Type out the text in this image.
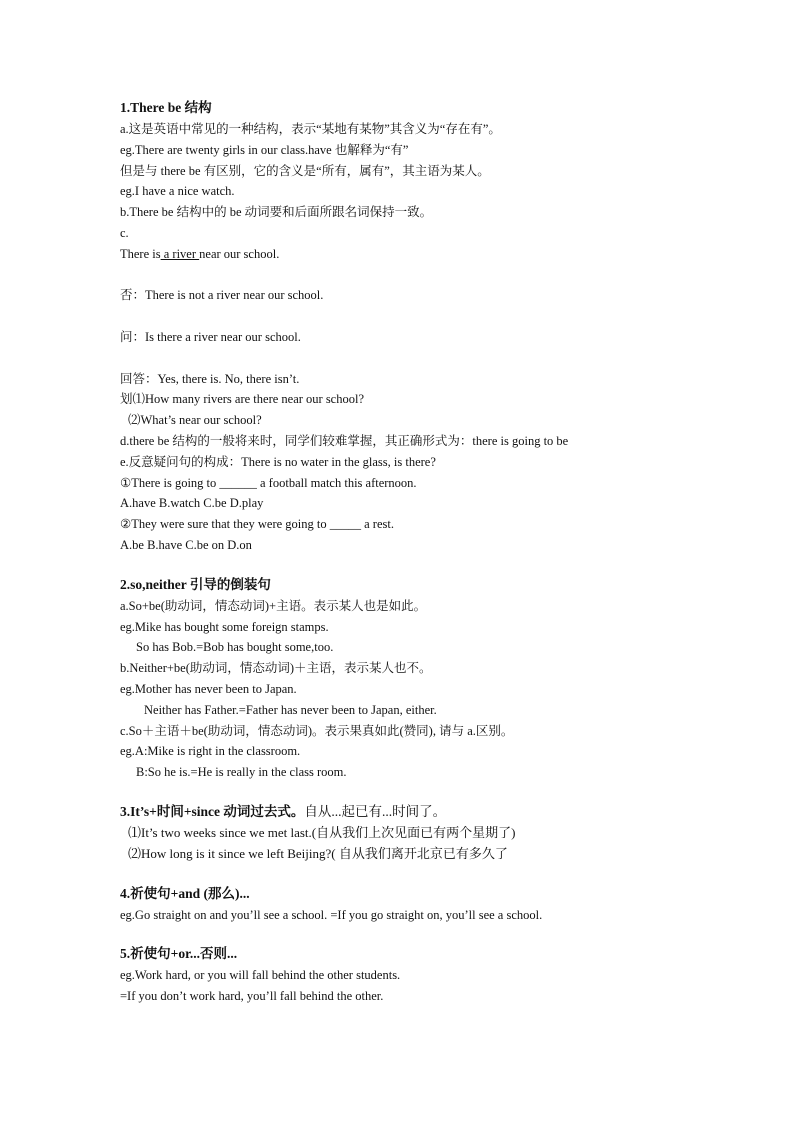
1.There be 结构
a.这是英语中常见的一种结构，表示“某地有某物”其含义为“存在有”。
eg.There are twenty girls in our class.have 也解释为“有”
但是与 there be 有区别，它的含义是“所有，属有”，其主语为某人。
eg.I have a nice watch.
b.There be 结构中的 be 动词要和后面所跟名词保持一致。
c.
There is a river near our school.
否：There is not a river near our school.
问：Is there a river near our school.
回答：Yes, there is. No, there isn’t.
划⑴How many rivers are there near our school?
⑵What’s near our school?
d.there be 结构的一般将来时，同学们较难掌握，其正确形式为：there is going to be
e.反意疑问句的构成：There is no water in the glass, is there?
①There is going to ______ a football match this afternoon.
A.have B.watch C.be D.play
②They were sure that they were going to _____ a rest.
A.be B.have C.be on D.on
2.so,neither 引导的倒装句
a.So+be(助动词，情态动词)+主语。表示某人也是如此。
eg.Mike has bought some foreign stamps.
So has Bob.=Bob has bought some,too.
b.Neither+be(助动词，情态动词)＋主语，表示某人也不。
eg.Mother has never been to Japan.
Neither has Father.=Father has never been to Japan, either.
c.So＋主语＋be(助动词，情态动词)。表示果真如此(赞同), 请与 a.区别。
eg.A:Mike is right in the classroom.
B:So he is.=He is really in the class room.
3.It’s+时间+since 动词过去式。自从...起已有...时间了。
⑴It’s two weeks since we met last.(自从我们上次见面已有两个星期了)
⑵How long is it since we left Beijing?( 自从我们离开北京已有多久了
4.祈使句+and (那么)...
eg.Go straight on and you’ll see a school. =If you go straight on, you’ll see a school.
5.祈使句+or...否则...
eg.Work hard, or you will fall behind the other students.
=If you don’t work hard, you’ll fall behind the other.
